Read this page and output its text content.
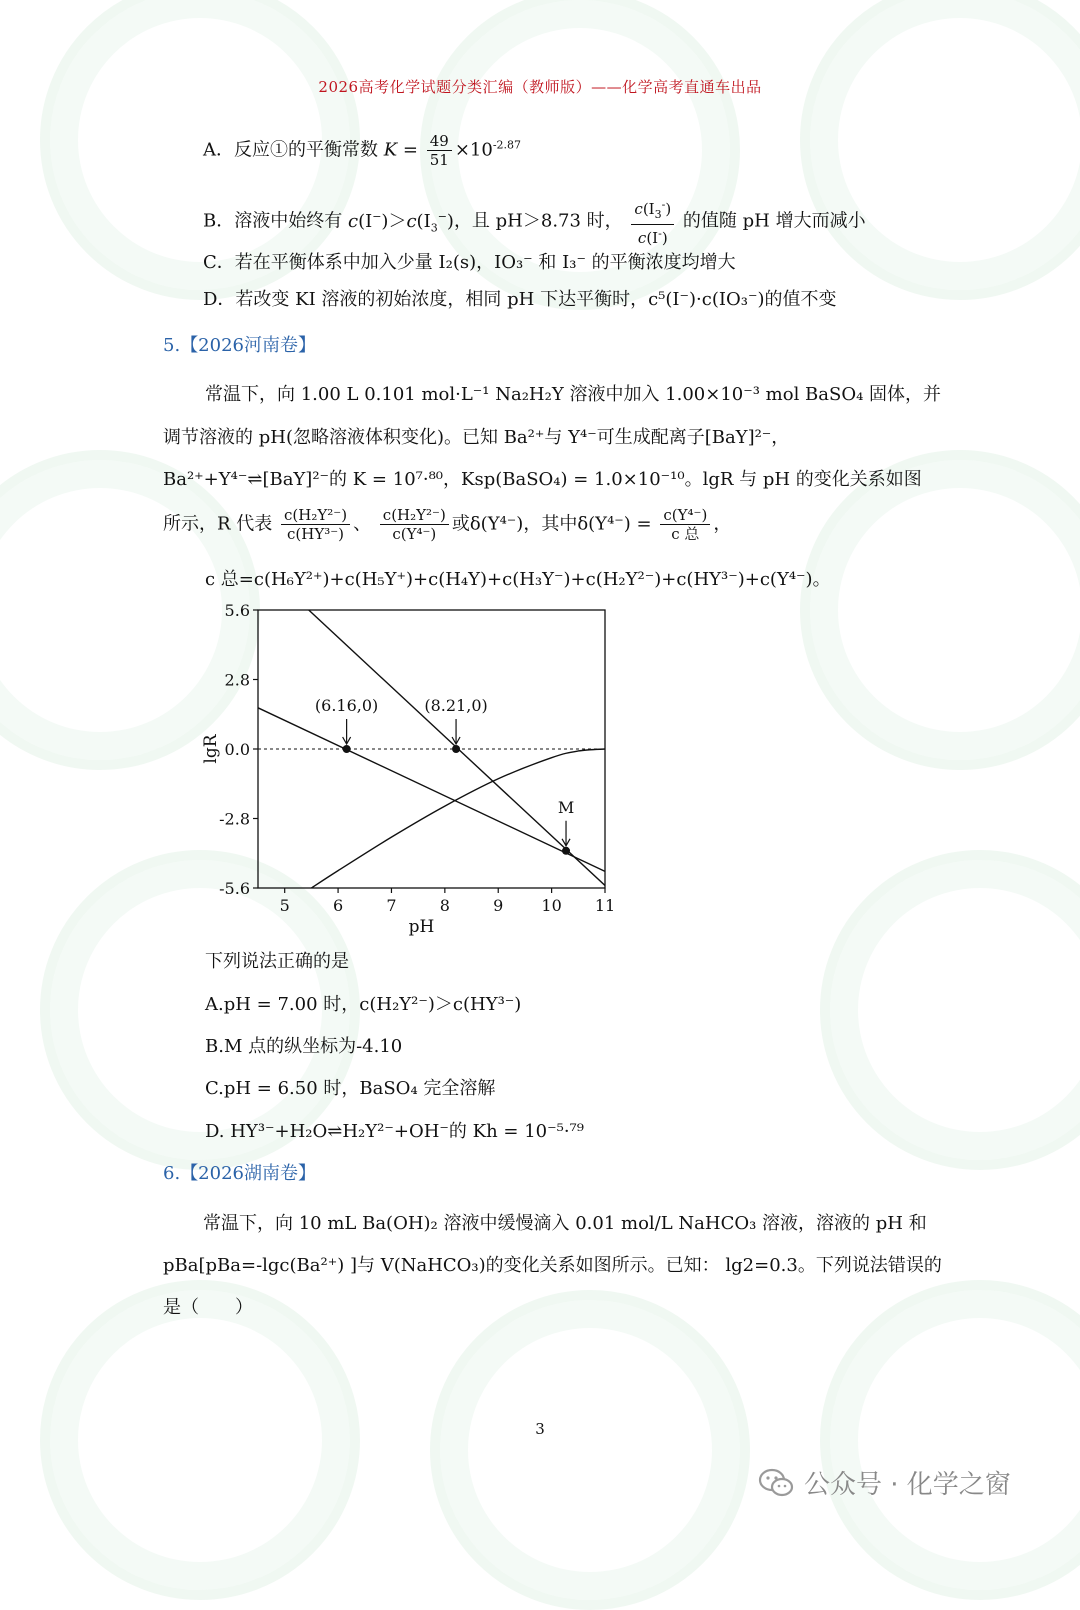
2026高考化学试题分类汇编（教师版）——化学高考直通车出品
A．反应①的平衡常数 $K = \frac{49}{51} \times 10^{-2.87}$
B．溶液中始终有 $c(I^-)>c(I_3^-)$，且 pH＞8.73 时， $\frac{c(I_3^-)}{c(I^-)}$ 的值随 pH 增大而减小
C．若在平衡体系中加入少量 I₂(s)，IO₃⁻ 和 I₃⁻ 的平衡浓度均增大
D．若改变 KI 溶液的初始浓度，相同 pH 下达平衡时，c⁵(I⁻)·c(IO₃⁻)的值不变
5.【2026河南卷】
常温下，向 1.00 L 0.101 mol·L⁻¹ Na₂H₂Y 溶液中加入 1.00×10⁻³ mol BaSO₄ 固体，并
调节溶液的 pH(忽略溶液体积变化)。已知 Ba²⁺与 Y⁴⁻可生成配离子[BaY]²⁻，
Ba²⁺+Y⁴⁻⇌[BaY]²⁻的 K = 10⁷·⁸⁰，Ksp(BaSO₄) = 1.0×10⁻¹⁰。lgR 与 pH 的变化关系如图
所示，R 代表 $\frac{\text{c(H₂Y²⁻)}}{\text{c(HY³⁻)}}$ 、 $\frac{\text{c(H₂Y²⁻)}}{\text{c(Y⁴⁻)}}$ 或δ(Y⁴⁻)，其中$\delta(Y^{4-}) = \frac{\text{c(Y⁴⁻)}}{\text{c 总}}$ ，
c 总=c(H₆Y²⁺)+c(H₅Y⁺)+c(H₄Y)+c(H₃Y⁻)+c(H₂Y²⁻)+c(HY³⁻)+c(Y⁴⁻)。
5.6
2.8
0.0
-2.8
-5.6
5	6	7	8	9 10 11
pH
lgR
(6.16,0)	(8.21,0)
M
下列说法正确的是
A.pH = 7.00 时，c(H₂Y²⁻)＞c(HY³⁻)
B.M 点的纵坐标为-4.10
C.pH = 6.50 时，BaSO₄ 完全溶解
D. HY³⁻+H₂O⇌H₂Y²⁻+OH⁻的 Kh = 10⁻⁵·⁷⁹
6.【2026湖南卷】
常温下，向 10 mL Ba(OH)₂ 溶液中缓慢滴入 0.01 mol/L NaHCO₃ 溶液，溶液的 pH 和
pBa[pBa=-lgc(Ba²⁺) ]与 V(NaHCO₃)的变化关系如图所示。已知： lg2=0.3。下列说法错误的
是（　　）
3
公众号 · 化学之窗
